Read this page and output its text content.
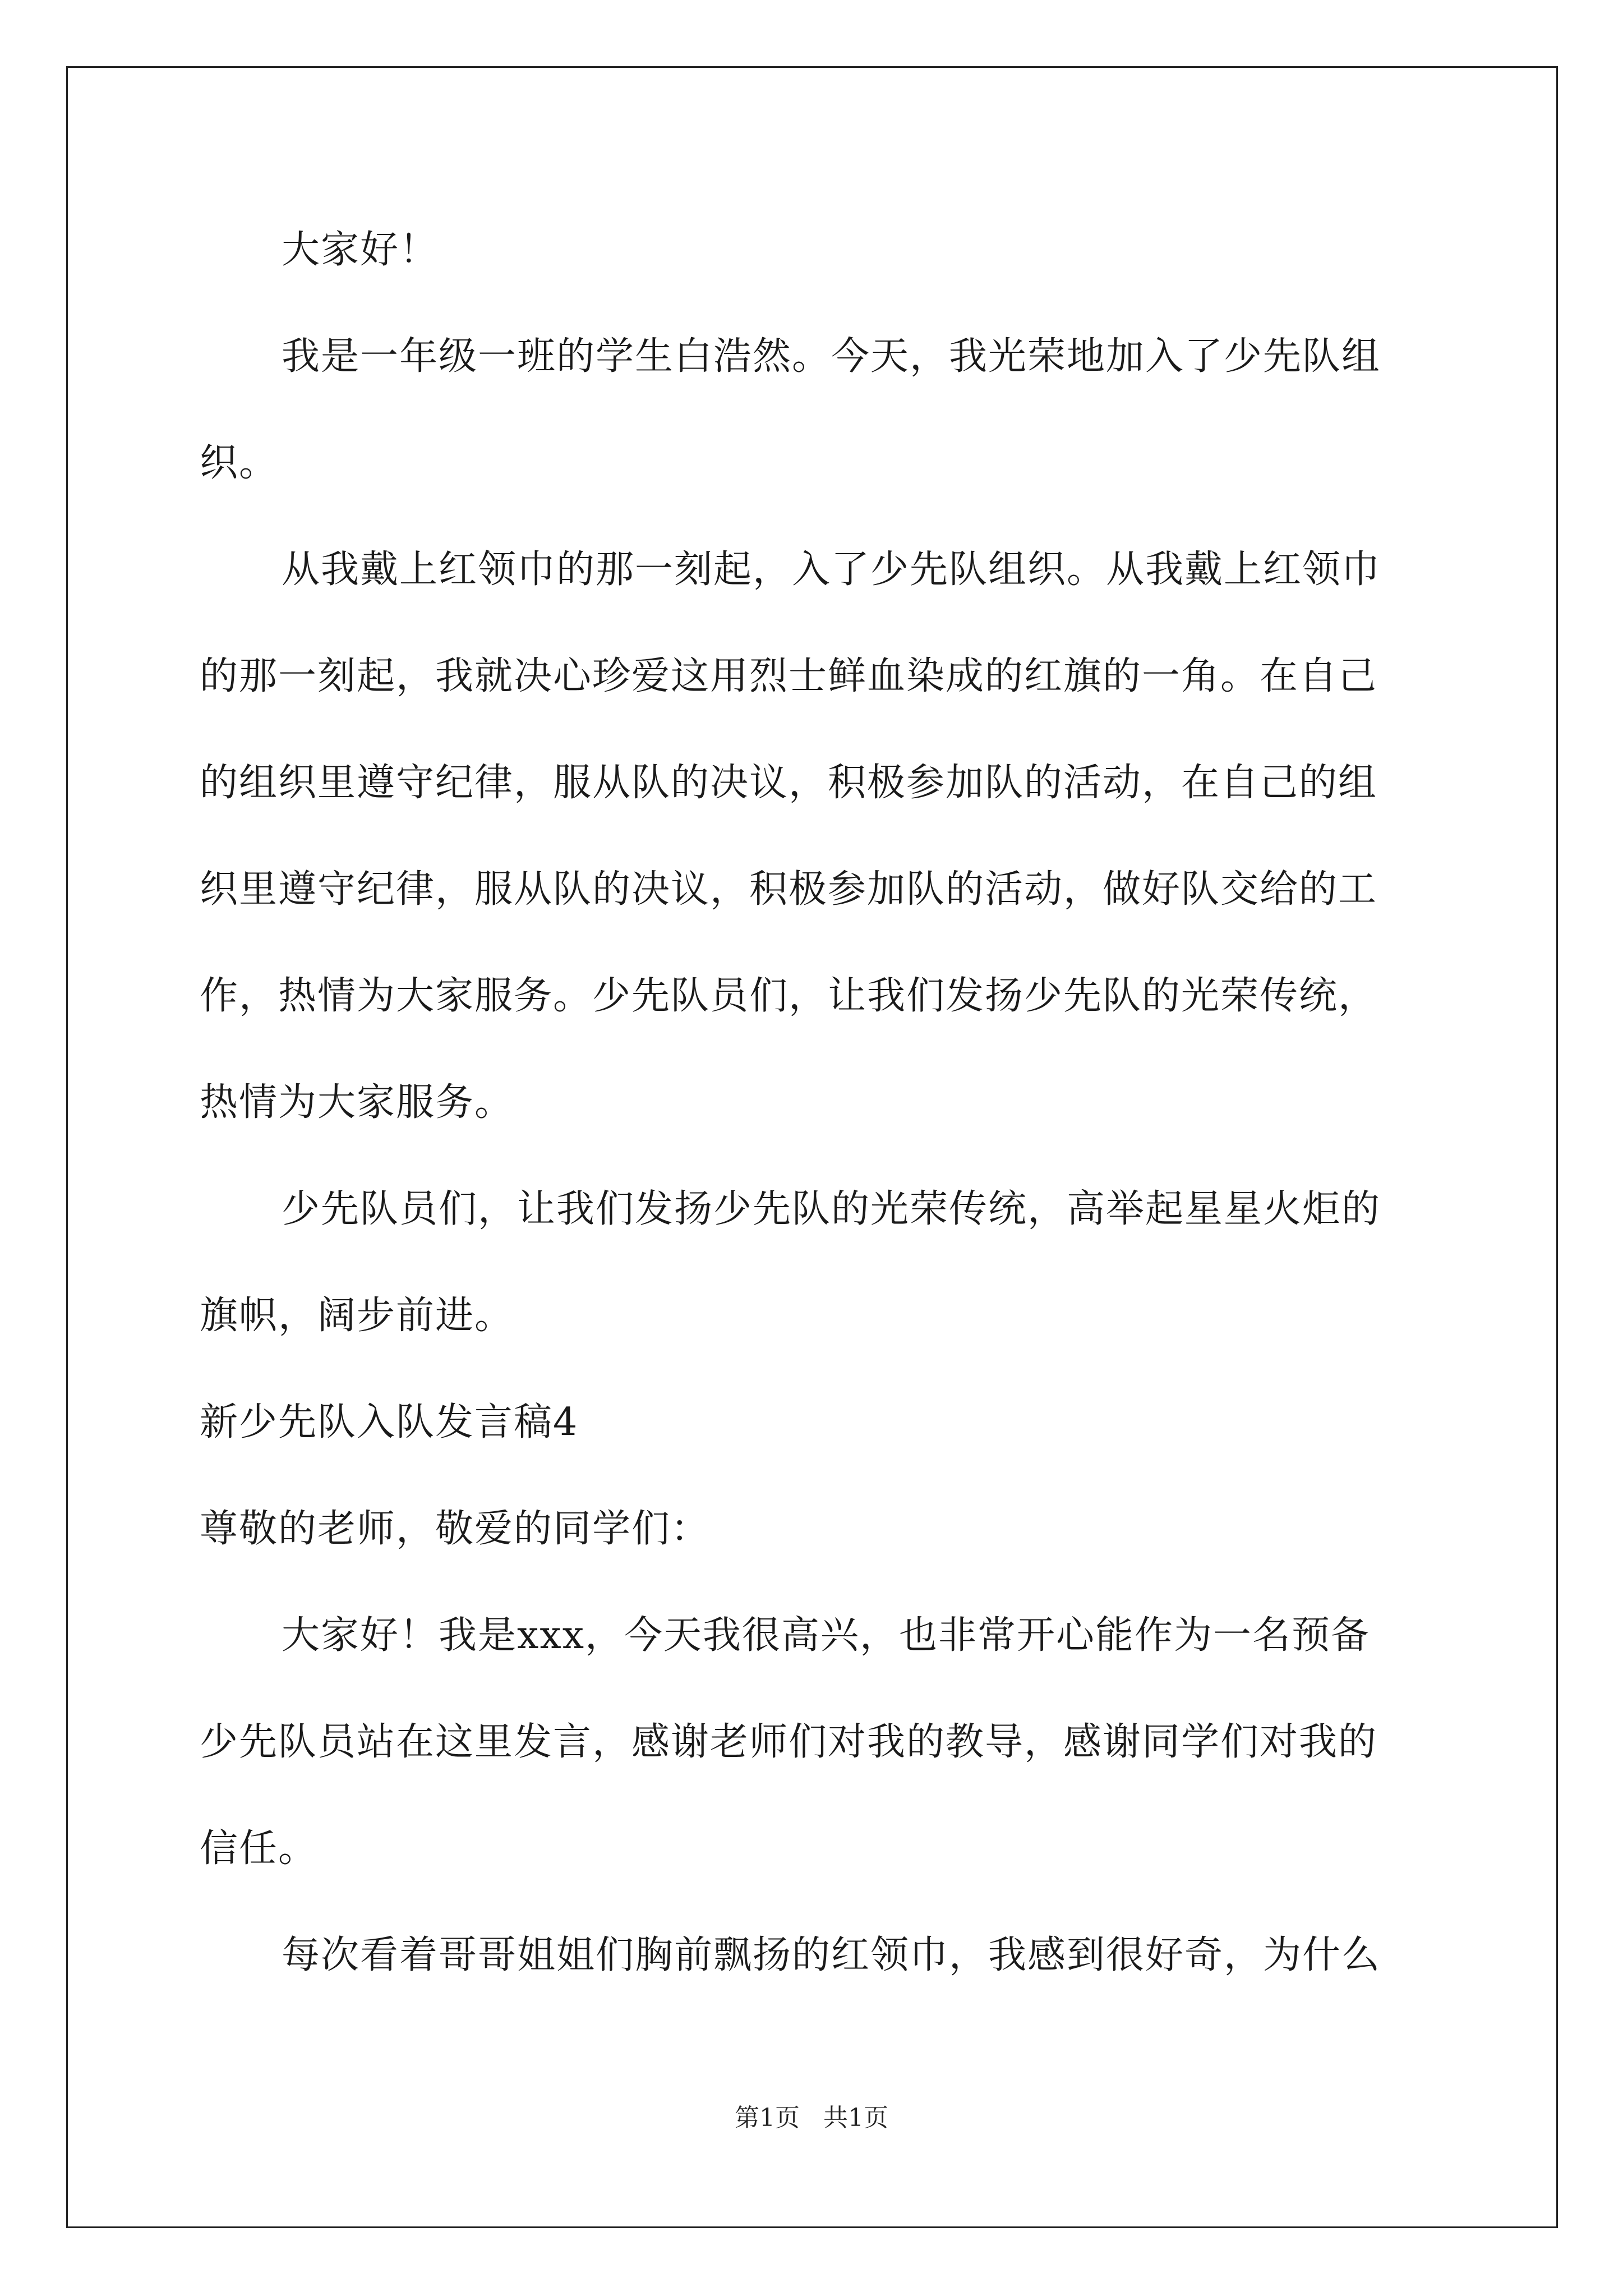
大家好！
我是一年级一班的学生白浩然。今天，我光荣地加入了少先队组
织。
从我戴上红领巾的那一刻起，入了少先队组织。从我戴上红领巾
的那一刻起，我就决心珍爱这用烈士鲜血染成的红旗的一角。在自己
的组织里遵守纪律，服从队的决议，积极参加队的活动，在自己的组
织里遵守纪律，服从队的决议，积极参加队的活动，做好队交给的工
作，热情为大家服务。少先队员们，让我们发扬少先队的光荣传统，
热情为大家服务。
少先队员们，让我们发扬少先队的光荣传统，高举起星星火炬的
旗帜，阔步前进。
新少先队入队发言稿4
尊敬的老师，敬爱的同学们：
大家好！我是xxx，今天我很高兴，也非常开心能作为一名预备
少先队员站在这里发言，感谢老师们对我的教导，感谢同学们对我的
信任。
每次看着哥哥姐姐们胸前飘扬的红领巾，我感到很好奇，为什么
第1页 共1页
